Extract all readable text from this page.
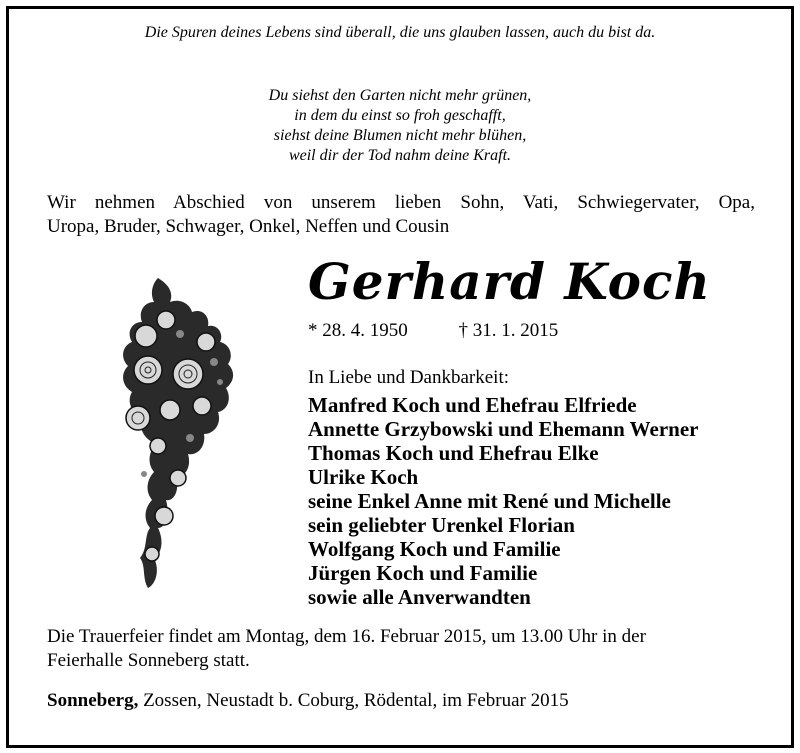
Die Spuren deines Lebens sind überall, die uns glauben lassen, auch du bist da.
Du siehst den Garten nicht mehr grünen,
in dem du einst so froh geschafft,
siehst deine Blumen nicht mehr blühen,
weil dir der Tod nahm deine Kraft.
Wir nehmen Abschied von unserem lieben Sohn, Vati, Schwiegervater, Opa,
Uropa, Bruder, Schwager, Onkel, Neffen und Cousin
Gerhard Koch
* 28. 4. 1950	† 31. 1. 2015
In Liebe und Dankbarkeit:
Manfred Koch und Ehefrau Elfriede
Annette Grzybowski und Ehemann Werner
Thomas Koch und Ehefrau Elke
Ulrike Koch
seine Enkel Anne mit René und Michelle
sein geliebter Urenkel Florian
Wolfgang Koch und Familie
Jürgen Koch und Familie
sowie alle Anverwandten
Die Trauerfeier findet am Montag, dem 16. Februar 2015, um 13.00 Uhr in der
Feierhalle Sonneberg statt.
Sonneberg, Zossen, Neustadt b. Coburg, Rödental, im Februar 2015
